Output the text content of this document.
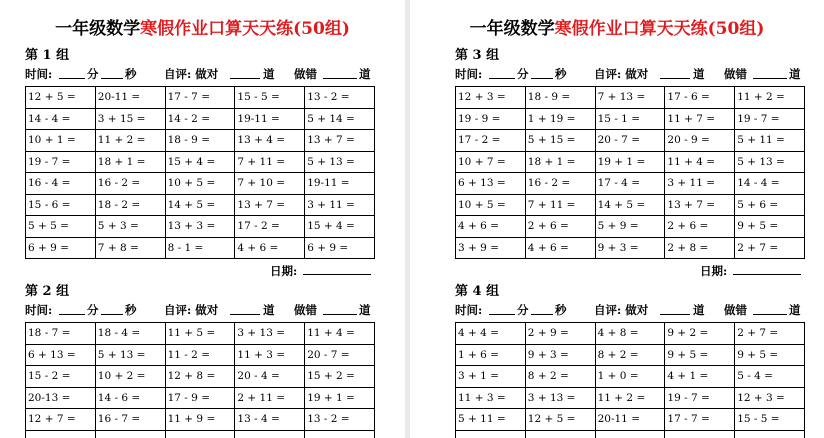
一年级数学寒假作业口算天天练(50组)
第 1 组
时间:	分 秒 自评: 做对	道 做错	道
12 + 5 =	20-11 =	17 - 7 =	15 - 5 =	13 - 2 =
14 - 4 =	3 + 15 =	14 - 2 =	19-11 =	5 + 14 =
10 + 1 =	11 + 2 =	18 - 9 =	13 + 4 =	13 + 7 =
19 - 7 =	18 + 1 =	15 + 4 =	7 + 11 =	5 + 13 =
16 - 4 =	16 - 2 =	10 + 5 =	7 + 10 =	19-11 =
15 - 6 =	18 - 2 =	14 + 5 =	13 + 7 =	3 + 11 =
5 + 5 =	5 + 3 =	13 + 3 =	17 - 2 =	15 + 4 =
6 + 9 =	7 + 8 =	8 - 1 =	4 + 6 =	6 + 9 =
日期:
第 2 组
时间:	分 秒 自评: 做对	道 做错	道
18 - 7 =	18 - 4 =	11 + 5 =	3 + 13 =	11 + 4 =
6 + 13 =	5 + 13 =	11 - 2 =	11 + 3 =	20 - 7 =
15 - 2 =	10 + 2 =	12 + 8 =	20 - 4 =	15 + 2 =
20-13 =	14 - 6 =	17 - 9 =	2 + 11 =	19 + 1 =
12 + 7 =	16 - 7 =	11 + 9 =	13 - 4 =	13 - 2 =

一年级数学寒假作业口算天天练(50组)
第 3 组
时间:	分 秒 自评: 做对	道 做错	道
12 + 3 =	18 - 9 =	7 + 13 =	17 - 6 =	11 + 2 =
19 - 9 =	1 + 19 =	15 - 1 =	11 + 7 =	19 - 7 =
17 - 2 =	5 + 15 =	20 - 7 =	20 - 9 =	5 + 11 =
10 + 7 =	18 + 1 =	19 + 1 =	11 + 4 =	5 + 13 =
6 + 13 =	16 - 2 =	17 - 4 =	3 + 11 =	14 - 4 =
10 + 5 =	7 + 11 =	14 + 5 =	13 + 7 =	5 + 6 =
4 + 6 =	2 + 6 =	5 + 9 =	2 + 6 =	9 + 5 =
3 + 9 =	4 + 6 =	9 + 3 =	2 + 8 =	2 + 7 =
日期:
第 4 组
时间:	分 秒 自评: 做对	道 做错	道
4 + 4 =	2 + 9 =	4 + 8 =	9 + 2 =	2 + 7 =
1 + 6 =	9 + 3 =	8 + 2 =	9 + 5 =	9 + 5 =
3 + 1 =	8 + 2 =	1 + 0 =	4 + 1 =	5 - 4 =
11 + 3 =	3 + 13 =	11 + 2 =	19 - 7 =	12 + 3 =
5 + 11 =	12 + 5 =	20-11 =	17 - 7 =	15 - 5 =
